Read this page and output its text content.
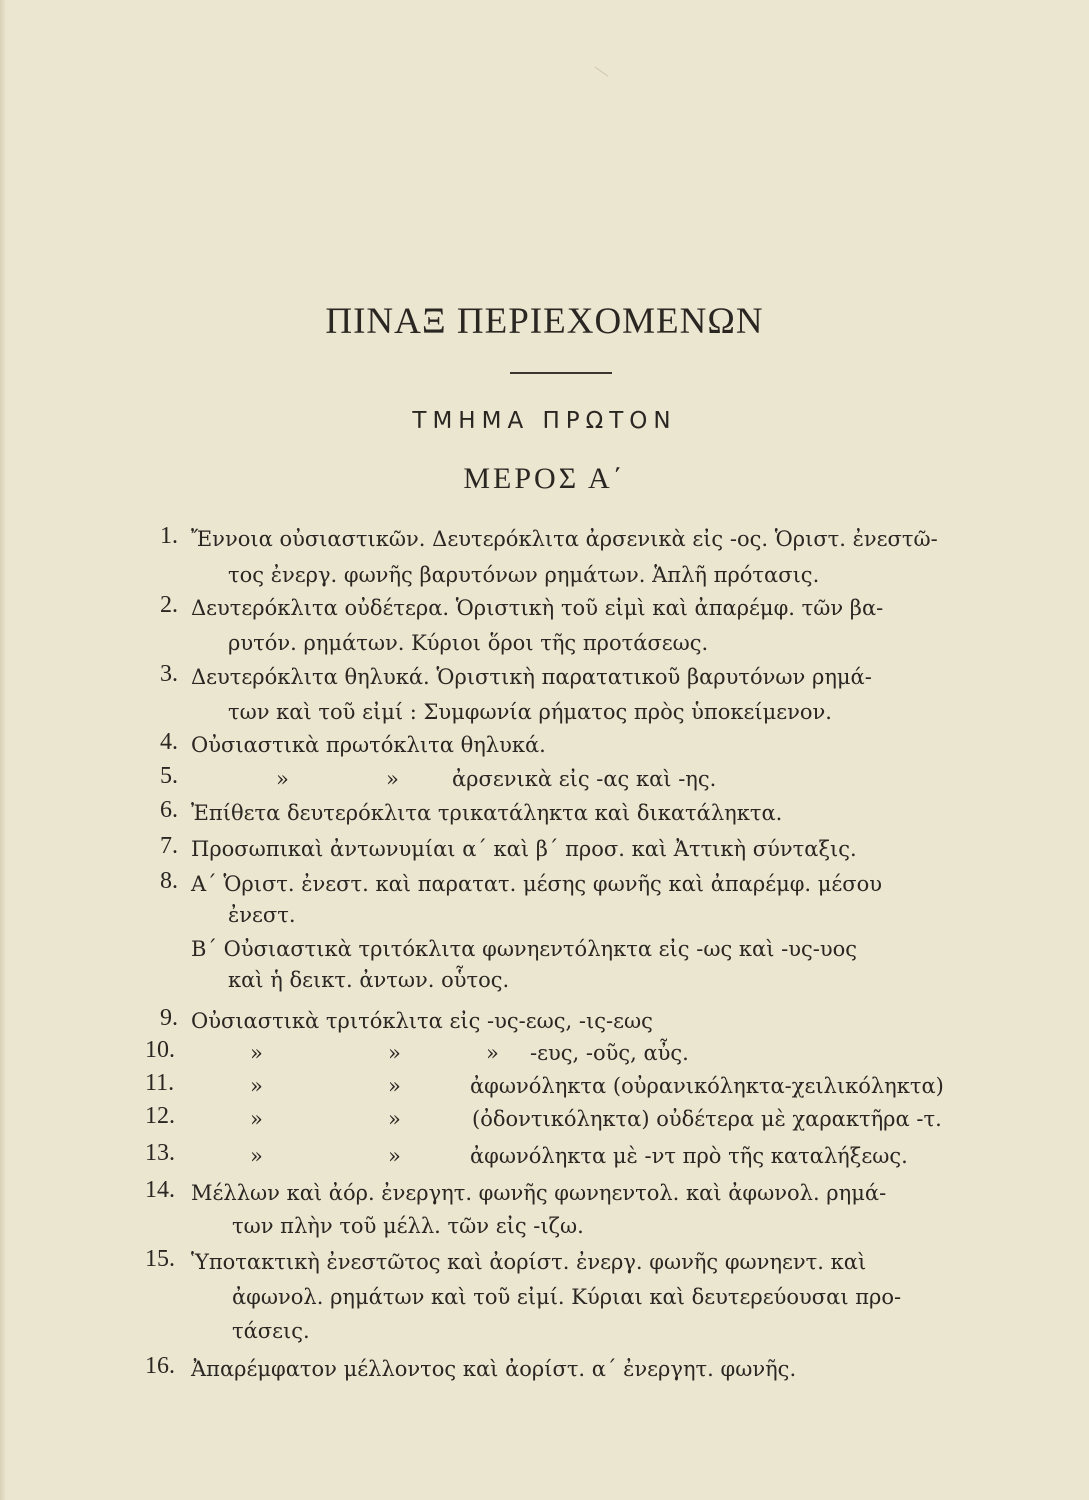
ΠΙΝΑΞ ΠΕΡΙΕΧΟΜΕΝΩΝ
ΤΜΗΜΑ ΠΡΩΤΟΝ
ΜΕΡΟΣ Α΄
1. Ἔννοια οὐσιαστικῶν. Δευτερόκλιτα ἀρσενικὰ εἰς -ος. Ὁριστ. ἐνεστῶ-
τος ἐνεργ. φωνῆς βαρυτόνων ρημάτων. Ἁπλῆ πρότασις.
2. Δευτερόκλιτα οὐδέτερα. Ὁριστικὴ τοῦ εἰμὶ καὶ ἀπαρέμφ. τῶν βα-
ρυτόν. ρημάτων. Κύριοι ὅροι τῆς προτάσεως.
3. Δευτερόκλιτα θηλυκά. Ὁριστικὴ παρατατικοῦ βαρυτόνων ρημά-
των καὶ τοῦ εἰμί : Συμφωνία ρήματος πρὸς ὑποκείμενον.
4. Οὐσιαστικὰ πρωτόκλιτα θηλυκά.
5.	»	»	ἀρσενικὰ εἰς -ας καὶ -ης.
6. Ἐπίθετα δευτερόκλιτα τρικατάληκτα καὶ δικατάληκτα.
7. Προσωπικαὶ ἀντωνυμίαι α΄ καὶ β΄ προσ. καὶ Ἀττικὴ σύνταξις.
8. Α΄ Ὁριστ. ἐνεστ. καὶ παρατατ. μέσης φωνῆς καὶ ἀπαρέμφ. μέσου
ἐνεστ.
Β΄ Οὐσιαστικὰ τριτόκλιτα φωνηεντόληκτα εἰς -ως καὶ -υς-υος
καὶ ἡ δεικτ. ἀντων. οὗτος.
9. Οὐσιαστικὰ τριτόκλιτα εἰς -υς-εως, -ις-εως
10.	»	»	» -ευς, -οῦς, αὖς.
11.	»	»	ἀφωνόληκτα (οὐρανικόληκτα-χειλικόληκτα)
12.	»	»	(ὀδοντικόληκτα) οὐδέτερα μὲ χαρακτῆρα -τ.
13.	»	»	ἀφωνόληκτα μὲ -ντ πρὸ τῆς καταλήξεως.
14. Μέλλων καὶ ἀόρ. ἐνεργητ. φωνῆς φωνηεντολ. καὶ ἀφωνολ. ρημά-
των πλὴν τοῦ μέλλ. τῶν εἰς -ιζω.
15. Ὑποτακτικὴ ἐνεστῶτος καὶ ἀορίστ. ἐνεργ. φωνῆς φωνηεντ. καὶ
ἀφωνολ. ρημάτων καὶ τοῦ εἰμί. Κύριαι καὶ δευτερεύουσαι προ-
τάσεις.
16. Ἀπαρέμφατον μέλλοντος καὶ ἀορίστ. α΄ ἐνεργητ. φωνῆς.
